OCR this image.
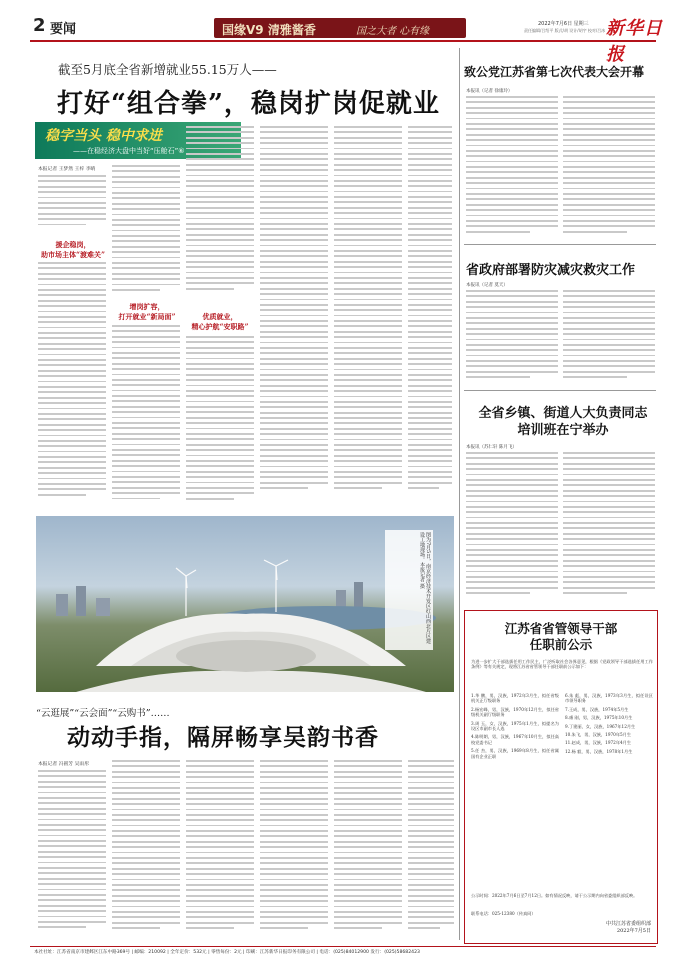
2 要闻	国缘V9 清雅酱香	国之大者 心有缘
2022年7月6日 星期三
责任编辑/吕绍平 版式/胡 设计/胡宇 校对/吕冰 新华日报
截至5月底全省新增就业55.15万人——
打好“组合拳”，稳岗扩岗促就业
稳字当头 稳中求进
——在稳经济大盘中当好“压舱石”⑥
本报记者 王梦然 王梓 李晴
援企稳岗，
助市场主体“渡难关”
增岗扩容，
打开就业“新局面”	优质就业，
精心护航“安职路”
图为7月5日，南京经济技术开发区红山西北片区建设工地现场。本报记者 摄
“云逛展”“云会面”“云购书”……
动动手指，隔屏畅享吴韵书香
本报记者 冯圆芳 吴雨彤
致公党江苏省第七次代表大会开幕
本报讯（记者 徐康玲）
省政府部署防灾减灾救灾工作
本报讯（记者 莫天）
全省乡镇、街道人大负责同志
培训班在宁举办
本报讯（苏仁轩 陈月飞）
江苏省省管领导干部
任职前公示
为进一步扩大干部选拔任用工作民主，广泛听取社会各界意见，根据《党政领导干部选拔任用工作条例》等有关规定，现将江苏省省管领导干部任职前公示如下：
1.华 鹏，男，汉族，1972年3月生，拟任省级机关正厅级职务
2.杨宏峰，男，汉族，1970年12月生，拟任省级机关副厅级职务
3.周 玉，女，汉族，1975年1月生，拟提名为设区市副市长人选
4.陈明朗，男，汉族，1967年10月生，拟任高校党委书记
5.任 杰，男，汉族，1969年8月生，拟任省属国有企业正职
6.朱 彪，男，汉族，1973年3月生，拟任设区市领导职务
7.王成，男，汉族，1974年5月生
8.虞 刚，男，汉族，1975年10月生
9.丁建丽，女，汉族，1967年12月生
10.朱飞，男，汉族，1970年5月生
11.赵成，男，汉族，1972年4月生
12.杨 毅，男，汉族，1978年1月生
公示时间：2022年7月6日至7月12日。如有情况反映，请于公示期内向省委组织部反映。
联系电话：025-12380（传真同）
中共江苏省委组织部
2022年7月5日
本社社址：江苏省南京市建邺区江东中路369号 | 邮编：210092 | 全年定价：532元 | 零售每份：2元 | 印刷：江苏新华日报印务有限公司 | 电话：(025)84012900 发行：(025)58682423
